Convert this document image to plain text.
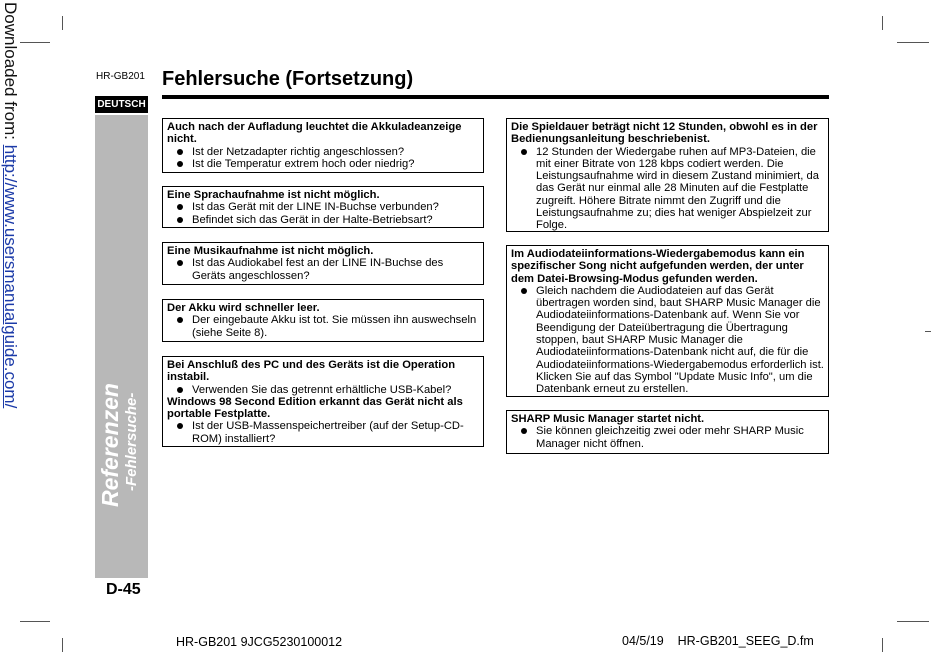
Downloaded from: http://www.usersmanualguide.com/
HR-GB201 Fehlersuche (Fortsetzung)
DEUTSCH
Referenzen -Fehlersuche-
D-45
Auch nach der Aufladung leuchtet die Akkuladeanzeige nicht.
Ist der Netzadapter richtig angeschlossen?
Ist die Temperatur extrem hoch oder niedrig?
Eine Sprachaufnahme ist nicht möglich.
Ist das Gerät mit der LINE IN-Buchse verbunden?
Befindet sich das Gerät in der Halte-Betriebsart?
Eine Musikaufnahme ist nicht möglich.
Ist das Audiokabel fest an der LINE IN-Buchse des Geräts angeschlossen?
Der Akku wird schneller leer.
Der eingebaute Akku ist tot. Sie müssen ihn auswechseln (siehe Seite 8).
Bei Anschluß des PC und des Geräts ist die Operation instabil.
Verwenden Sie das getrennt erhältliche USB-Kabel?
Windows 98 Second Edition erkannt das Gerät nicht als portable Festplatte.
Ist der USB-Massenspeichertreiber (auf der Setup-CD-ROM) installiert?
Die Spieldauer beträgt nicht 12 Stunden, obwohl es in der Bedienungsanleitung beschriebenist.
12 Stunden der Wiedergabe ruhen auf MP3-Dateien, die mit einer Bitrate von 128 kbps codiert werden. Die Leistungsaufnahme wird in diesem Zustand minimiert, da das Gerät nur einmal alle 28 Minuten auf die Festplatte zugreift. Höhere Bitrate nimmt den Zugriff und die Leistungsaufnahme zu; dies hat weniger Abspielzeit zur Folge.
Im Audiodateiinformations-Wiedergabemodus kann ein spezifischer Song nicht aufgefunden werden, der unter dem Datei-Browsing-Modus gefunden werden.
Gleich nachdem die Audiodateien auf das Gerät übertragen worden sind, baut SHARP Music Manager die Audiodateiinformations-Datenbank auf. Wenn Sie vor Beendigung der Dateiübertragung die Übertragung stoppen, baut SHARP Music Manager die Audiodateiinformations-Datenbank nicht auf, die für die Audiodateiinformations-Wiedergabemodus erforderlich ist. Klicken Sie auf das Symbol "Update Music Info", um die Datenbank erneut zu erstellen.
SHARP Music Manager startet nicht.
Sie können gleichzeitig zwei oder mehr SHARP Music Manager nicht öffnen.
HR-GB201 9JCG5230100012	04/5/19 HR-GB201_SEEG_D.fm
